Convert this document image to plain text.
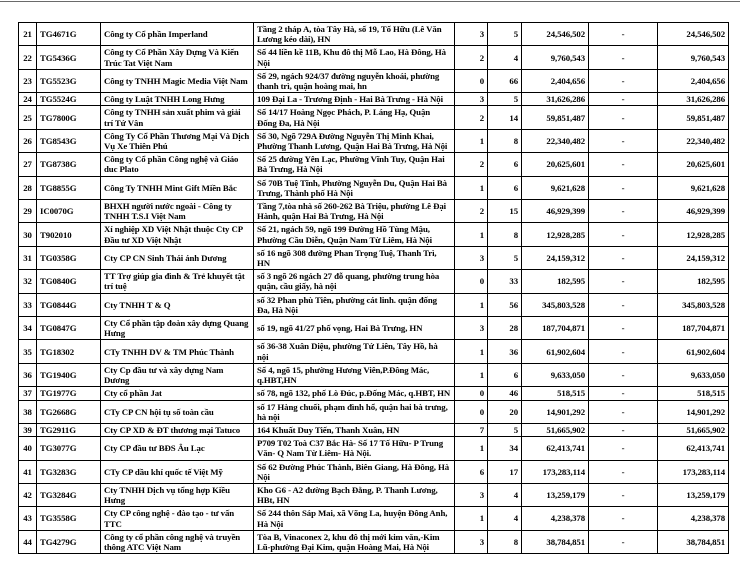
21	TG4671G	Công ty Cổ phần Imperland	Tầng 2 tháp A, tòa Tây Hà, số 19, Tố Hữu (Lê Văn Lương kéo dài), HN	3	5	24,546,502	-	24,546,502
22	TG5436G	Công ty Cổ Phần Xây Dựng Và Kiến Trúc Tat Việt Nam	Số 44 liền kề 11B, Khu đô thị Mỗ Lao, Hà Đông, Hà Nội	2	4	9,760,543	-	9,760,543
23	TG5523G	Công ty TNHH Magic Media Việt Nam	Số 29, ngách 924/37 đường nguyễn khoái, phường thanh trì, quận hoàng mai, hn	0	66	2,404,656	-	2,404,656
24	TG5524G	Công ty Luật TNHH Long Hưng	109 Đại La - Trương Định - Hai Bà Trưng - Hà Nội	3	5	31,626,286	-	31,626,286
25	TG7800G	Công ty TNHH sản xuất phim và giải trí Tứ Vân	Số 14/17 Hoàng Ngọc Phách, P. Láng Hạ, Quận Đống Đa, Hà Nội	2	14	59,851,487	-	59,851,487
26	TG8543G	Công Ty Cổ Phần Thương Mại Và Dịch Vụ Xe Thiên Phú	Số 30, Ngõ 729A Đường Nguyễn Thị Minh Khai, Phường Thanh Lương, Quận Hai Bà Trưng, Hà Nội	1	8	22,340,482	-	22,340,482
27	TG8738G	Công ty Cổ phần Công nghệ và Giáo duc Plato	Số 25 đường Yên Lạc, Phường Vĩnh Tuy, Quận Hai Bà Trưng, Hà Nội	2	6	20,625,601	-	20,625,601
28	TG8855G	Công Ty TNHH Mint Gift Miền Bắc	Số 70B Tuệ Tĩnh, Phường Nguyễn Du, Quận Hai Bà Trưng, Thành phố Hà Nội	1	6	9,621,628	-	9,621,628
29	IC0070G	BHXH người nước ngoài - Công ty TNHH T.S.I Việt Nam	Tầng 7,tòa nhà số 260-262 Bà Triệu, phường Lê Đại Hành, quận Hai Bà Trưng, Hà Nội	2	15	46,929,399	-	46,929,399
30	T902010	Xí nghiệp XD Việt Nhật thuộc Cty CP Đầu tư XD Việt Nhật	Số 21, ngách 59, ngõ 199 Đường Hồ Tùng Mậu, Phường Cầu Diễn, Quận Nam Từ Liêm, Hà Nội	1	8	12,928,285	-	12,928,285
31	TG0358G	Cty CP CN Sinh Thái ánh Dương	số 16 ngõ 308 đường Phan Trọng Tuệ, Thanh Trì, HN	3	5	24,159,312	-	24,159,312
32	TG0840G	TT Trợ giúp gia đình & Trẻ khuyết tật trí tuệ	số 3 ngõ 26 ngách 27 đỗ quang, phường trung hòa quận, cầu giấy, hà nội	0	33	182,595	-	182,595
33	TG0844G	Cty TNHH T & Q	số 32 Phan phù Tiên, phường cát linh. quận đống Đa, Hà Nội	1	56	345,803,528	-	345,803,528
34	TG0847G	Cty Cổ phần tập đoàn xây dựng Quang Hưng	số 19, ngõ 41/27 phố vọng, Hai Bà Trưng, HN	3	28	187,704,871	-	187,704,871
35	TG18302	CTy TNHH DV & TM Phúc Thành	số 36-38 Xuân Diệu, phường Tứ Liên, Tây Hồ, hà nội	1	36	61,902,604	-	61,902,604
36	TG1940G	Cty Cp đầu tư và xây dựng Nam Dương	Số 4, ngõ 15, phường Hương Viên,P.Đông Mác, q.HBT,HN	1	6	9,633,050	-	9,633,050
37	TG1977G	Cty cổ phần Jat	số 78, ngõ 132, phố Lò Đúc, p.Đống Mác, q.HBT, HN	0	46	518,515	-	518,515
38	TG2668G	CTy CP CN hội tụ số toàn cầu	số 17 Hàng chuối, phạm đình hổ, quận hai bà trưng, hà nội	0	20	14,901,292	-	14,901,292
39	TG2911G	Cty CP XD & ĐT thương mại Tatuco	164 Khuất Duy Tiến, Thanh Xuân, HN	7	5	51,665,902	-	51,665,902
40	TG3077G	Cty CP đầu tư BĐS Âu Lạc	P709 T02 Toà C37 Bắc Hà- Số 17 Tố Hữu- P Trung Văn- Q Nam Từ Liêm- Hà Nội.	1	34	62,413,741	-	62,413,741
41	TG3283G	CTy CP dầu khí quốc tế Việt Mỹ	Số 62 Đường Phúc Thành, Biên Giang, Hà Đông, Hà Nội	6	17	173,283,114	-	173,283,114
42	TG3284G	Cty TNHH Dịch vụ tổng hợp Kiều Hưng	Kho G6 - A2 đường Bạch Đằng, P. Thanh Lương, HBt, HN	3	4	13,259,179	-	13,259,179
43	TG3558G	Cty CP công nghệ - đào tạo - tư vấn TTC	Số 244 thôn Sáp Mai, xã Võng La, huyện Đông Anh, Hà Nội	1	4	4,238,378	-	4,238,378
44	TG4279G	Công ty cổ phần công nghệ và truyền thông ATC Việt Nam	Tòa B, Vinaconex 2, khu đô thị mới kim văn,-Kim Lũ-phường Đại Kim, quận Hoàng Mai, Hà Nội	3	8	38,784,851	-	38,784,851
